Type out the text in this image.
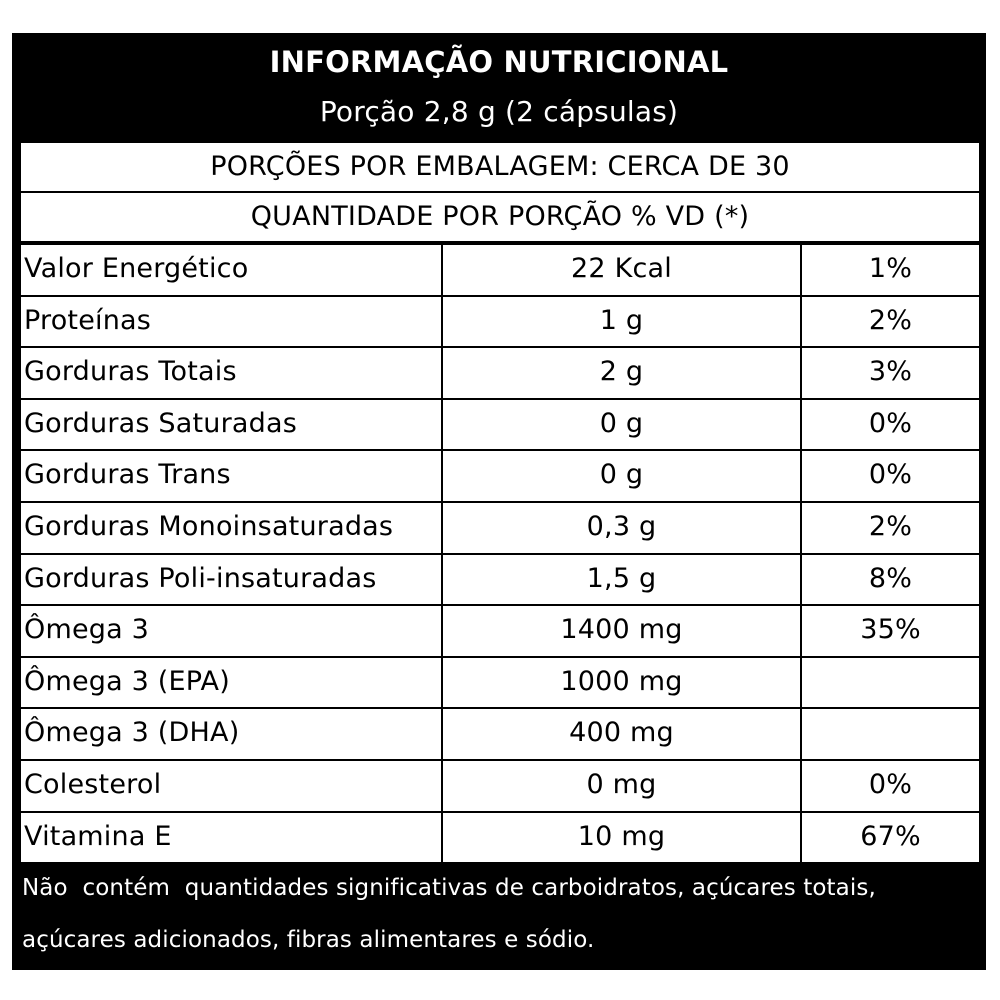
INFORMAÇÃO NUTRICIONAL
Porção 2,8 g (2 cápsulas)
PORÇÕES POR EMBALAGEM: CERCA DE 30
QUANTIDADE POR PORÇÃO % VD (*)
Valor Energético	22 Kcal	1%
Proteínas	1 g	2%
Gorduras Totais	2 g	3%
Gorduras Saturadas	0 g	0%
Gorduras Trans	0 g	0%
Gorduras Monoinsaturadas	0,3 g	2%
Gorduras Poli-insaturadas	1,5 g	8%
Ômega 3	1400 mg	35%
Ômega 3 (EPA)	1000 mg
Ômega 3 (DHA)	400 mg
Colesterol	0 mg	0%
Vitamina E	10 mg	67%
Não  contém  quantidades significativas de carboidratos, açúcares totais,
açúcares adicionados, fibras alimentares e sódio.
